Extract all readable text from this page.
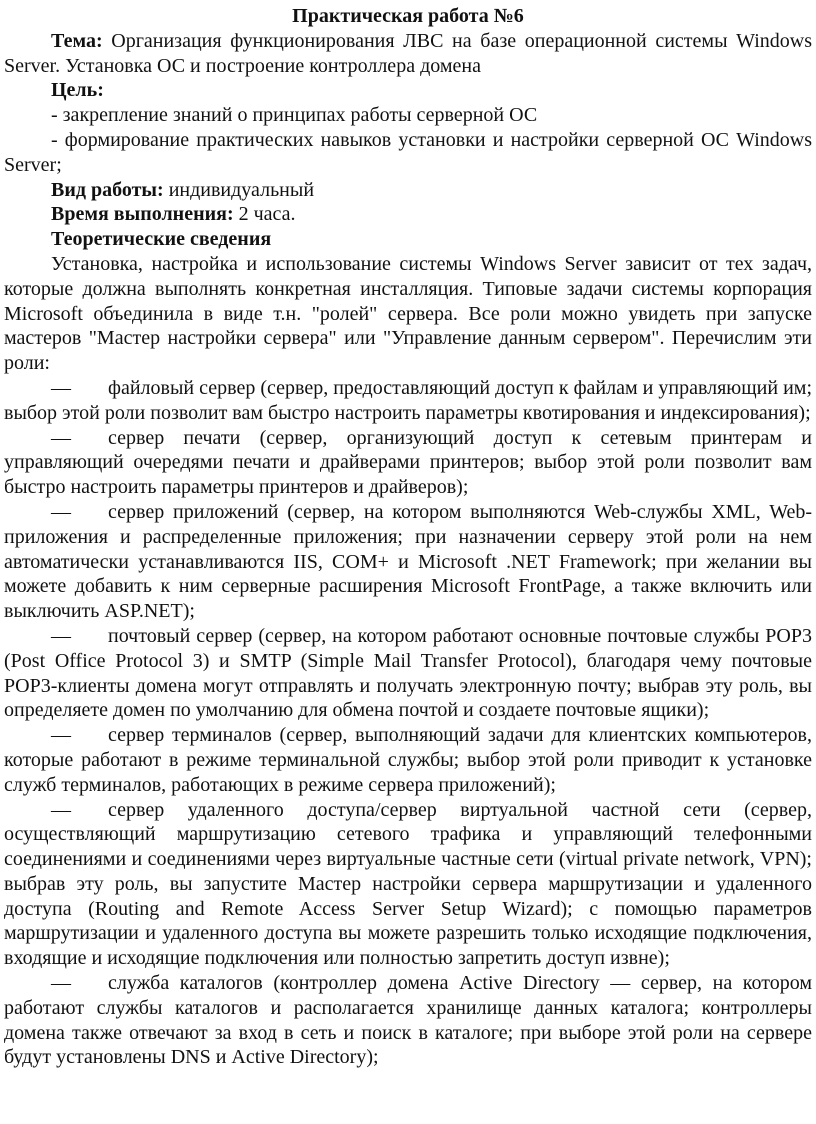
Практическая работа №6

Тема: Организация функционирования ЛВС на базе операционной системы Windows Server. Установка ОС и построение контроллера домена

Цель:

- закрепление знаний о принципах работы серверной ОС

- формирование практических навыков установки и настройки серверной ОС Windows Server;

Вид работы: индивидуальный

Время выполнения: 2 часа.

Теоретические сведения

Установка, настройка и использование системы Windows Server зависит от тех задач, которые должна выполнять конкретная инсталляция. Типовые задачи системы корпорация Microsoft объединила в виде т.н. "ролей" сервера. Все роли можно увидеть при запуске мастеров "Мастер настройки сервера" или "Управление данным сервером". Перечислим эти роли:

— файловый сервер (сервер, предоставляющий доступ к файлам и управляющий им; выбор этой роли позволит вам быстро настроить параметры квотирования и индексирования);

— сервер печати (сервер, организующий доступ к сетевым принтерам и управляющий очередями печати и драйверами принтеров; выбор этой роли позволит вам быстро настроить параметры принтеров и драйверов);

— сервер приложений (сервер, на котором выполняются Web-службы XML, Web-приложения и распределенные приложения; при назначении серверу этой роли на нем автоматически устанавливаются IIS, COM+ и Microsoft .NET Framework; при желании вы можете добавить к ним серверные расширения Microsoft FrontPage, а также включить или выключить ASP.NET);

— почтовый сервер (сервер, на котором работают основные почтовые службы POP3 (Post Office Protocol 3) и SMTP (Simple Mail Transfer Protocol), благодаря чему почтовые POP3-клиенты домена могут отправлять и получать электронную почту; выбрав эту роль, вы определяете домен по умолчанию для обмена почтой и создаете почтовые ящики);

— сервер терминалов (сервер, выполняющий задачи для клиентских компьютеров, которые работают в режиме терминальной службы; выбор этой роли приводит к установке служб терминалов, работающих в режиме сервера приложений);

— сервер удаленного доступа/сервер виртуальной частной сети (сервер, осуществляющий маршрутизацию сетевого трафика и управляющий телефонными соединениями и соединениями через виртуальные частные сети (virtual private network, VPN); выбрав эту роль, вы запустите Мастер настройки сервера маршрутизации и удаленного доступа (Routing and Remote Access Server Setup Wizard); с помощью параметров маршрутизации и удаленного доступа вы можете разрешить только исходящие подключения, входящие и исходящие подключения или полностью запретить доступ извне);

— служба каталогов (контроллер домена Active Directory — сервер, на котором работают службы каталогов и располагается хранилище данных каталога; контроллеры домена также отвечают за вход в сеть и поиск в каталоге; при выборе этой роли на сервере будут установлены DNS и Active Directory);
